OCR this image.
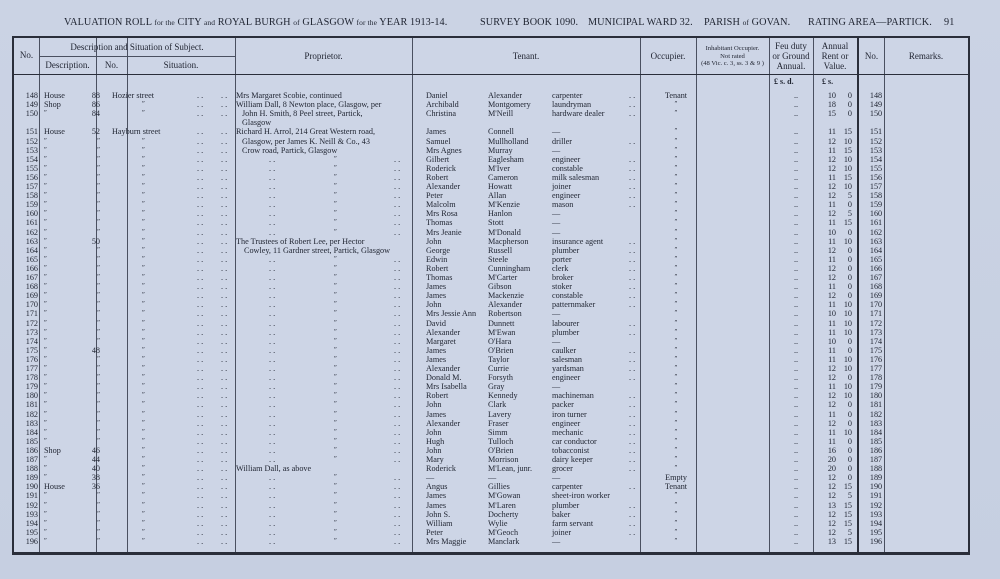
VALUATION ROLL for the CITY and ROYAL BURGH of GLASGOW for the YEAR 1913-14.	SURVEY BOOK 1090. MUNICIPAL WARD 32. PARISH of GOVAN. RATING AREA—PARTICK. 91
No.
Description and Situation of Subject.
Description.	No.	Situation.
Proprietor.	Tenant.	Occupier.
Inhabitant Occupier.
Not rated
(48 Vic. c. 3, ss. 3 & 9 )
Feu duty
or Ground
Annual.
Annual
Rent or
Value.
No.	Remarks.
£ s. d.	£ s.
148 House	88 Hozier street	. . . . Mrs Margaret Scobie, continued	Daniel	Alexander	carpenter	. .	Tenant	..	10	0	148
149 Shop	86	″	. . . . William Dall, 8 Newton place, Glasgow, per	Archibald	Montgomery	laundryman	. .	″	..	18	0	149
150 ″	84	″	. . . . John H. Smith, 8 Peel street, Partick,	Christina	M'Neill	hardware dealer	. .	″	..	15	0	150
Glasgow
151 House	52 Hayburn street	. . . . Richard H. Arrol, 214 Great Western road,	James	Connell	—	″	..	11 15	151
152 ″	″	″	. . . . Glasgow, per James K. Neill & Co., 43	Samuel	Mullholland	driller	. .	″	..	12 10	152
153 ″	″	″	. . . . Crow road, Partick, Glasgow	Mrs Agnes	Murray	—	″	..	11 15	153
154 ″	″	″	. . . .	. .	″	. .	Gilbert	Eaglesham	engineer	. .	″	..	12 10	154
155 ″	″	″	. . . .	. .	″	. .	Roderick	M'Iver	constable	. .	″	..	12 10	155
156 ″	″	″	. . . .	. .	″	. .	Robert	Cameron	milk salesman	. .	″	..	11 15	156
157 ″	″	″	. . . .	. .	″	. .	Alexander	Howatt	joiner	. .	″	..	12 10	157
158 ″	″	″	. . . .	. .	″	. .	Peter	Allan	engineer	. .	″	..	12	5	158
159 ″	″	″	. . . .	. .	″	. .	Malcolm	M'Kenzie	mason	. .	″	..	11	0	159
160 ″	″	″	. . . .	. .	″	. .	Mrs Rosa	Hanlon	—	″	..	12	5	160
161 ″	″	″	. . . .	. .	″	. .	Thomas	Stott	—	″	..	11 15	161
162 ″	″	″	. . . .	. .	″	. .	Mrs Jeanie	M'Donald	—	″	..	10	0	162
163 ″	50	″	. . . . The Trustees of Robert Lee, per Hector	John	Macpherson	insurance agent	. .	″	..	11 10	163
164 ″	″	″	. . . . Cowley, 11 Gardner street, Partick, Glasgow	George	Russell	plumber	. .	″	..	12	0	164
165 ″	″	″	. . . .	. .	″	. .	Edwin	Steele	porter	. .	″	..	11	0	165
166 ″	″	″	. . . .	. .	″	. .	Robert	Cunningham	clerk	. .	″	..	12	0	166
167 ″	″	″	. . . .	. .	″	. .	Thomas	M'Carter	broker	. .	″	..	12	0	167
168 ″	″	″	. . . .	. .	″	. .	James	Gibson	stoker	. .	″	..	11	0	168
169 ″	″	″	. . . .	. .	″	. .	James	Mackenzie	constable	. .	″	..	12	0	169
170 ″	″	″	. . . .	. .	″	. .	John	Alexander	patternmaker	. .	″	..	11 10	170
171 ″	″	″	. . . .	. .	″	. .	Mrs Jessie Ann Robertson	—	″	..	10 10	171
172 ″	″	″	. . . .	. .	″	. .	David	Dunnett	labourer	. .	″	..	11 10	172
173 ″	″	″	. . . .	. .	″	. .	Alexander	M'Ewan	plumber	. .	″	..	11 10	173
174 ″	″	″	. . . .	. .	″	. .	Margaret	O'Hara	—	″	..	10	0	174
175 ″	48	″	. . . .	. .	″	. .	James	O'Brien	caulker	. .	″	..	11	0	175
176 ″	″	″	. . . .	. .	″	. .	James	Taylor	salesman	. .	″	..	11 10	176
177 ″	″	″	. . . .	. .	″	. .	Alexander	Currie	yardsman	. .	″	..	12 10	177
178 ″	″	″	. . . .	. .	″	. .	Donald M.	Forsyth	engineer	. .	″	..	12	0	178
179 ″	″	″	. . . .	. .	″	. .	Mrs Isabella	Gray	—	″	..	11 10	179
180 ″	″	″	. . . .	. .	″	. .	Robert	Kennedy	machineman	. .	″	..	12 10	180
181 ″	″	″	. . . .	. .	″	. .	John	Clark	packer	. .	″	..	12	0	181
182 ″	″	″	. . . .	. .	″	. .	James	Lavery	iron turner	. .	″	..	11	0	182
183 ″	″	″	. . . .	. .	″	. .	Alexander	Fraser	engineer	. .	″	..	12	0	183
184 ″	″	″	. . . .	. .	″	. .	John	Simm	mechanic	. .	″	..	11 10	184
185 ″	″	″	. . . .	. .	″	. .	Hugh	Tulloch	car conductor	. .	″	..	11	0	185
186 Shop	46	″	. . . .	. .	″	. .	John	O'Brien	tobacconist	. .	″	..	16	0	186
187 ″	44	″	. . . .	. .	″	. .	Mary	Morrison	dairy keeper	. .	″	..	20	0	187
188 ″	40	″	. . . . William Dall, as above	Roderick	M'Lean, junr. grocer	. .	″	..	20	0	188
189 ″	38	″	. . . .	. .	″	. .	—	—	—	Empty	..	12	0	189
190 House	36	″	. . . .	. .	″	. .	Angus	Gillies	carpenter	. .	Tenant	..	12 15	190
191 ″	″	″	. . . .	. .	″	. .	James	M'Gowan	sheet-iron worker	″	..	12	5	191
192 ″	″	″	. . . .	. .	″	. .	James	M'Laren	plumber	. .	″	..	13 15	192
193 ″	″	″	. . . .	. .	″	. .	John S.	Docherty	baker	. .	″	..	12 15	193
194 ″	″	″	. . . .	. .	″	. .	William	Wylie	farm servant	. .	″	..	12 15	194
195 ″	″	″	. . . .	. .	″	. .	Peter	M'Geoch	joiner	. .	″	..	12	5	195
196 ″	″	″	. . . .	. .	″	. .	Mrs Maggie	Manclark	—	″	..	13 15	196
